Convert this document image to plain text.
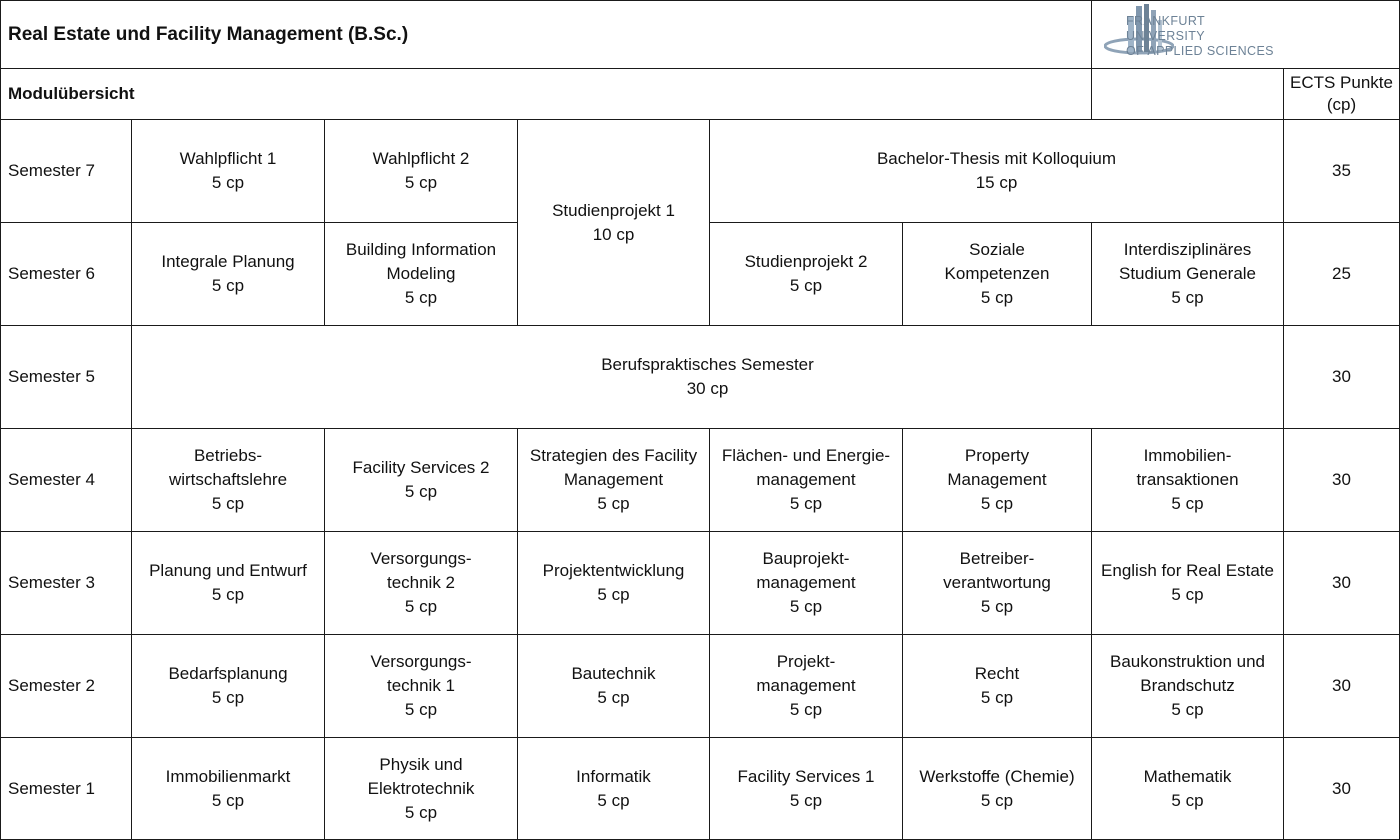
Real Estate und Facility Management (B.Sc.)
FRANKFURT
UNIVERSITY
OF APPLIED SCIENCES
Modulübersicht
ECTS Punkte
(cp)
Semester 7
Wahlpflicht 1
5 cp
Wahlpflicht 2
5 cp
Studienprojekt 1
10 cp
Bachelor-Thesis mit Kolloquium
15 cp
35
Semester 6
Integrale Planung
5 cp
Building Information
Modeling
5 cp
Studienprojekt 2
5 cp
Soziale
Kompetenzen
5 cp
Interdisziplinäres
Studium Generale
5 cp
25
Semester 5
Berufspraktisches Semester
30 cp
30
Semester 4
Betriebs-
wirtschaftslehre
5 cp
Facility Services 2
5 cp
Strategien des Facility
Management
5 cp
Flächen- und Energie-
management
5 cp
Property
Management
5 cp
Immobilien-
transaktionen
5 cp
30
Semester 3
Planung und Entwurf
5 cp
Versorgungs-
technik 2
5 cp
Projektentwicklung
5 cp
Bauprojekt-
management
5 cp
Betreiber-
verantwortung
5 cp
English for Real Estate
5 cp
30
Semester 2
Bedarfsplanung
5 cp
Versorgungs-
technik 1
5 cp
Bautechnik
5 cp
Projekt-
management
5 cp
Recht
5 cp
Baukonstruktion und
Brandschutz
5 cp
30
Semester 1
Immobilienmarkt
5 cp
Physik und
Elektrotechnik
5 cp
Informatik
5 cp
Facility Services 1
5 cp
Werkstoffe (Chemie)
5 cp
Mathematik
5 cp
30
